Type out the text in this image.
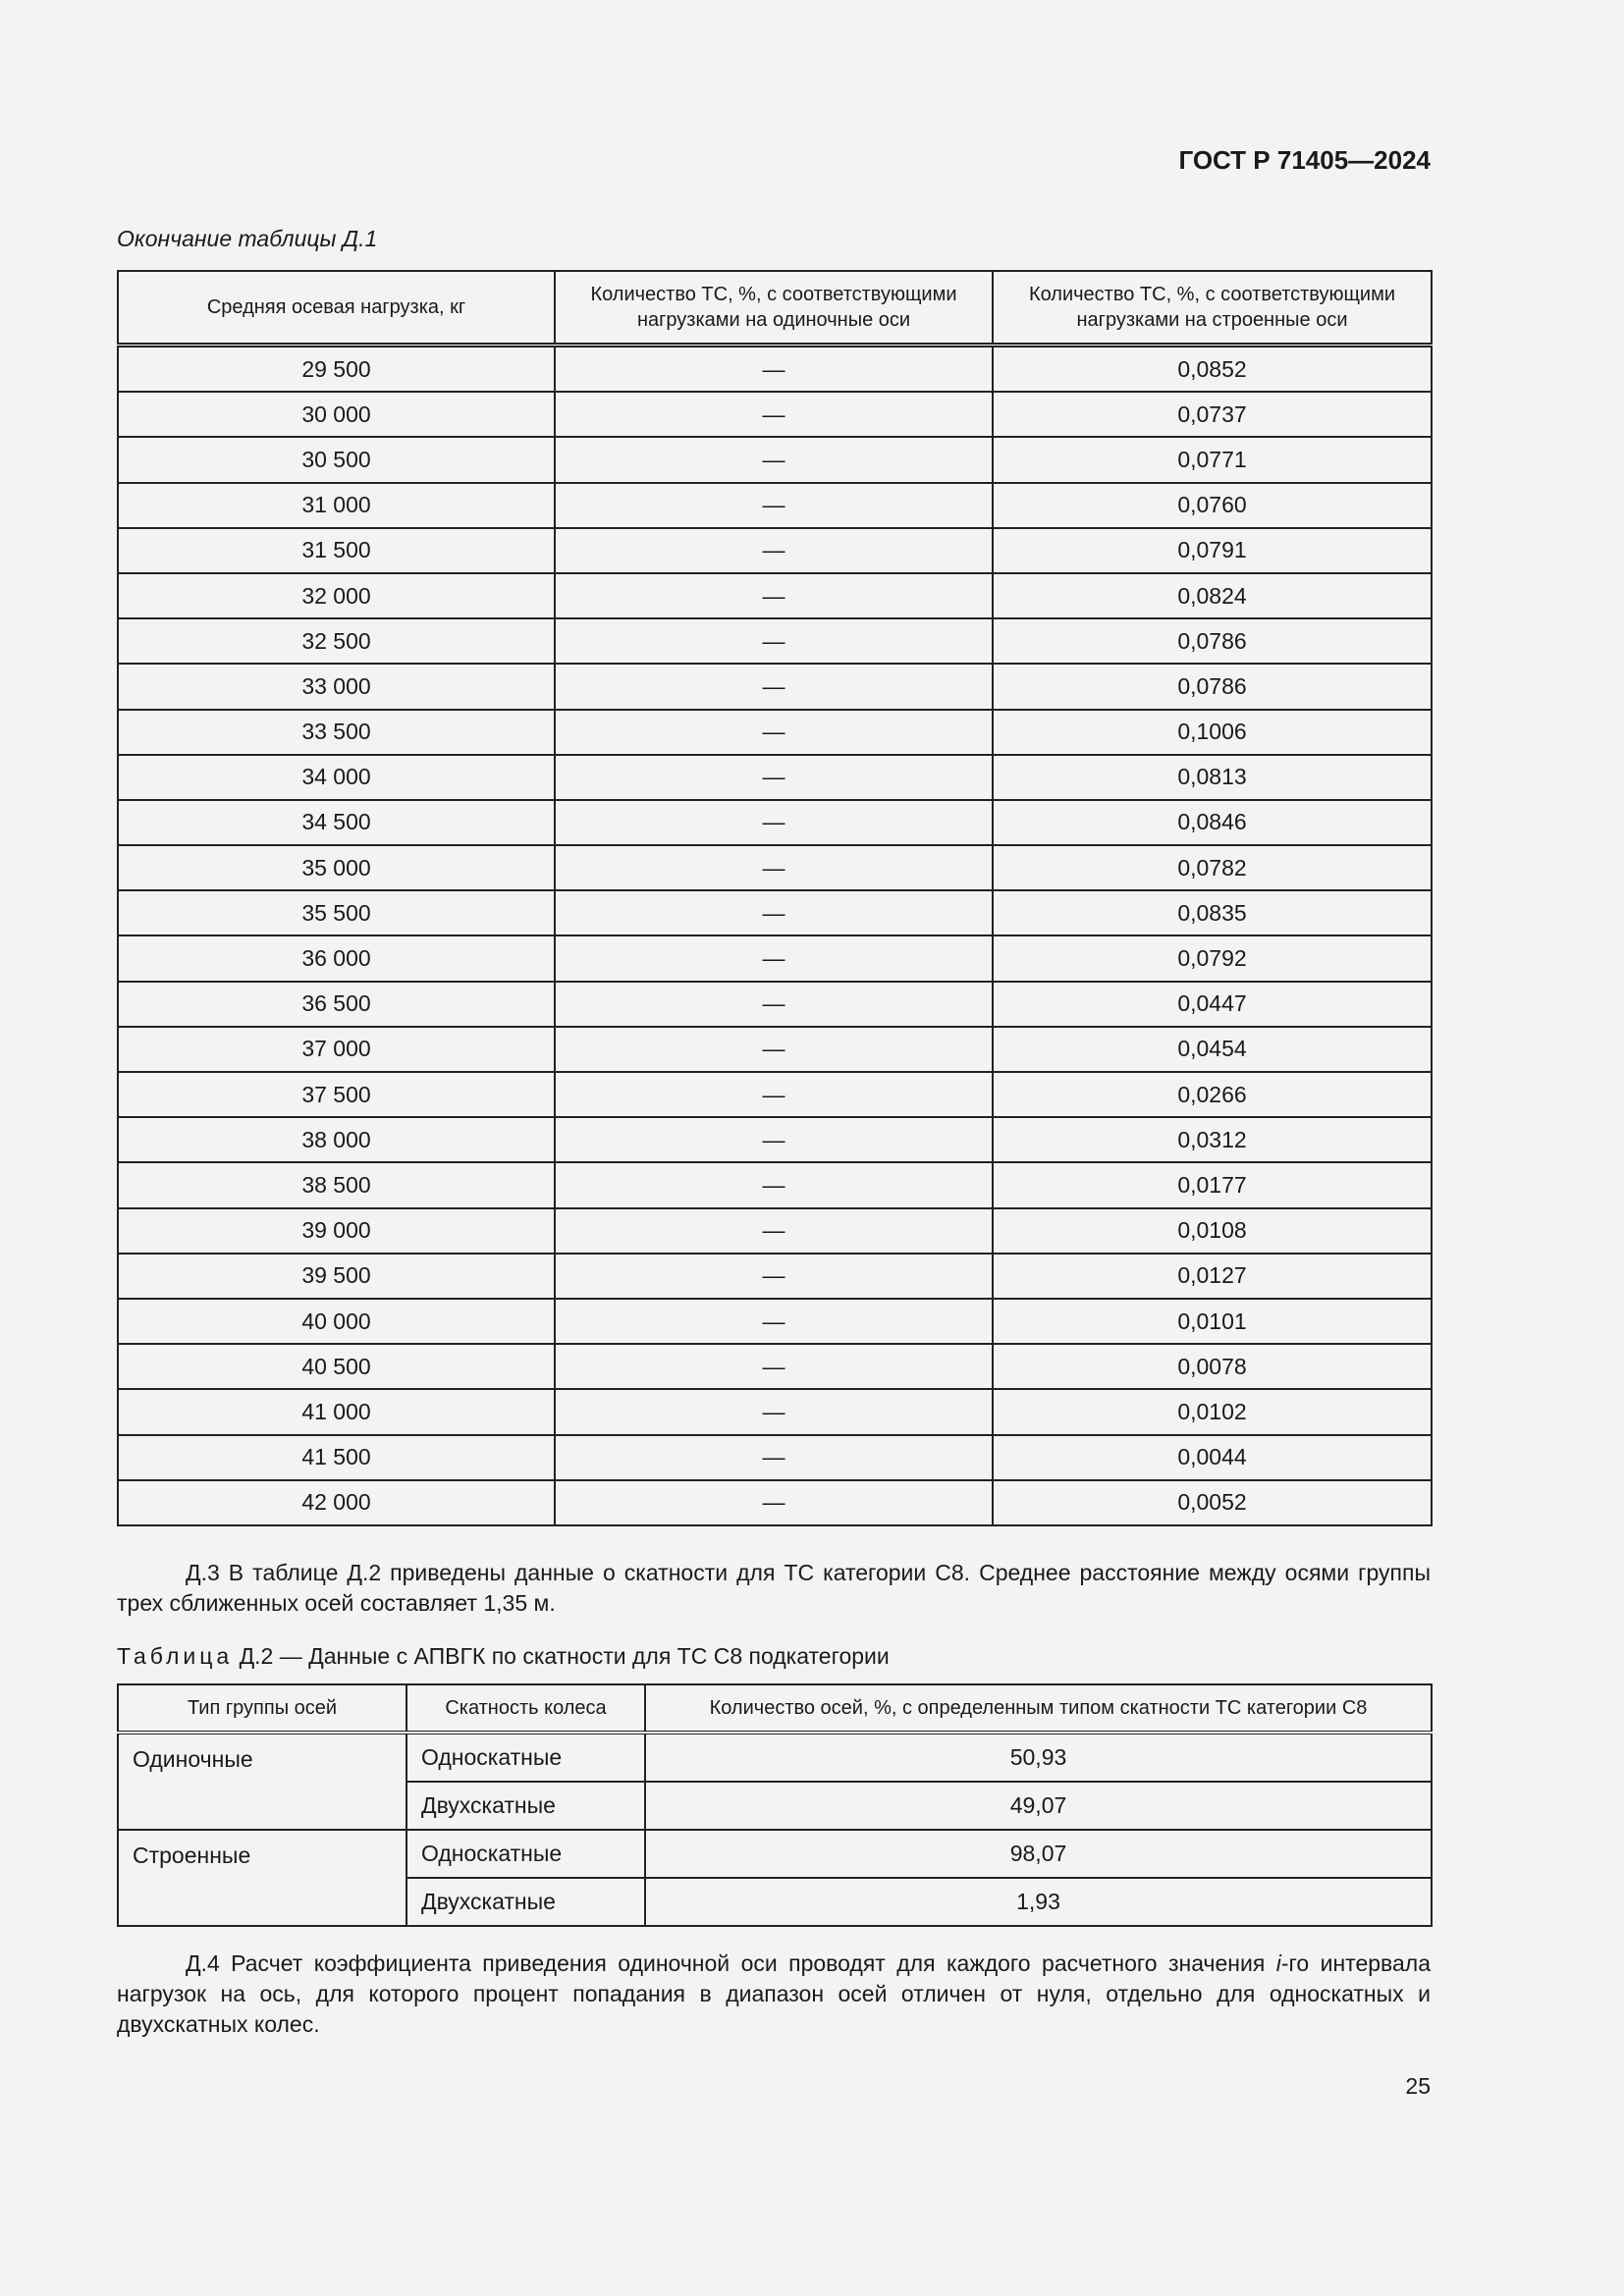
ГОСТ Р 71405—2024
Окончание таблицы Д.1
Средняя осевая нагрузка, кг	Количество ТС, %, с соответствующими нагрузками на одиночные оси	Количество ТС, %, с соответствующими нагрузками на строенные оси
29 500	—	0,0852
30 000	—	0,0737
30 500	—	0,0771
31 000	—	0,0760
31 500	—	0,0791
32 000	—	0,0824
32 500	—	0,0786
33 000	—	0,0786
33 500	—	0,1006
34 000	—	0,0813
34 500	—	0,0846
35 000	—	0,0782
35 500	—	0,0835
36 000	—	0,0792
36 500	—	0,0447
37 000	—	0,0454
37 500	—	0,0266
38 000	—	0,0312
38 500	—	0,0177
39 000	—	0,0108
39 500	—	0,0127
40 000	—	0,0101
40 500	—	0,0078
41 000	—	0,0102
41 500	—	0,0044
42 000	—	0,0052
Д.3 В таблице Д.2 приведены данные о скатности для ТС категории С8. Среднее расстояние между осями группы трех сближенных осей составляет 1,35 м.
Таблица Д.2 — Данные с АПВГК по скатности для ТС С8 подкатегории
Тип группы осей	Скатность колеса	Количество осей, %, с определенным типом скатности ТС категории С8
Одиночные	Односкатные	50,93
	Двухскатные	49,07
Строенные	Односкатные	98,07
	Двухскатные	1,93
Д.4 Расчет коэффициента приведения одиночной оси проводят для каждого расчетного значения i-го интервала нагрузок на ось, для которого процент попадания в диапазон осей отличен от нуля, отдельно для односкатных и двухскатных колес.
25
